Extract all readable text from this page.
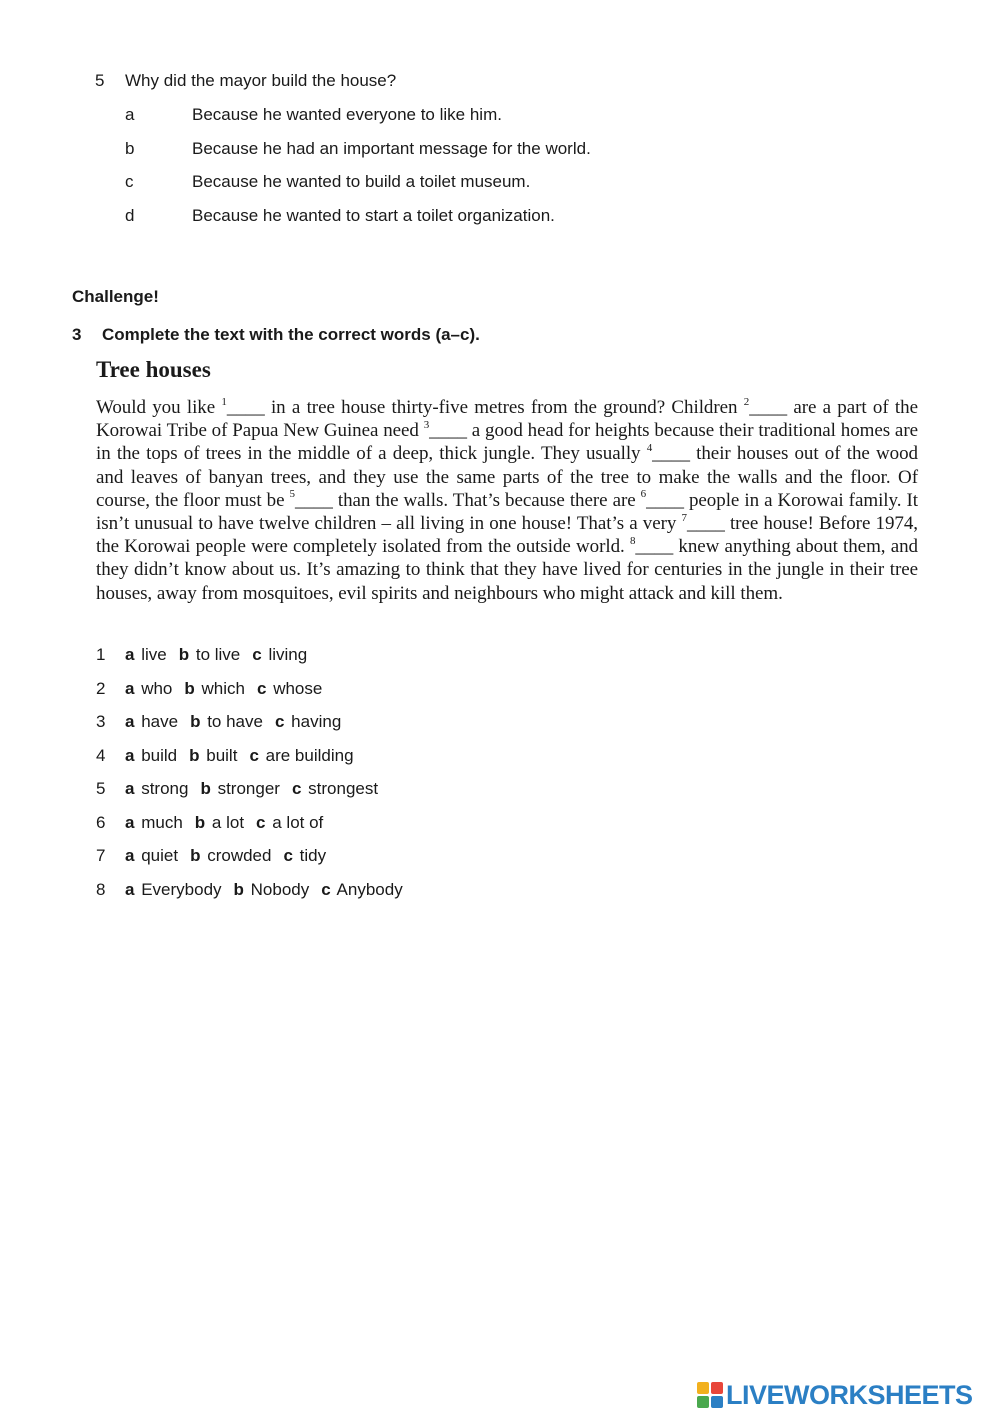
5	Why did the mayor build the house?
a	Because he wanted everyone to like him.
b	Because he had an important message for the world.
c	Because he wanted to build a toilet museum.
d	Because he wanted to start a toilet organization.
Challenge!
3	Complete the text with the correct words (a–c).
Tree houses
Would you like $^1$____ in a tree house thirty-five metres from the ground? Children $^2$____ are a part of the Korowai Tribe of Papua New Guinea need $^3$____ a good head for heights because their traditional homes are in the tops of trees in the middle of a deep, thick jungle. They usually $^4$____ their houses out of the wood and leaves of banyan trees, and they use the same parts of the tree to make the walls and the floor. Of course, the floor must be $^5$____ than the walls. That’s because there are $^6$____ people in a Korowai family. It isn’t unusual to have twelve children – all living in one house! That’s a very $^7$____ tree house! Before 1974, the Korowai people were completely isolated from the outside world. $^8$____ knew anything about them, and they didn’t know about us. It’s amazing to think that they have lived for centuries in the jungle in their tree houses, away from mosquitoes, evil spirits and neighbours who might attack and kill them.
1	a live b to live c living
2	a who b which c whose
3	a have b to have c having
4	a build b built c are building
5	a strong b stronger c strongest
6	a much b a lot c a lot of
7	a quiet b crowded c tidy
8	a Everybody b Nobody c Anybody
LIVEWORKSHEETS
